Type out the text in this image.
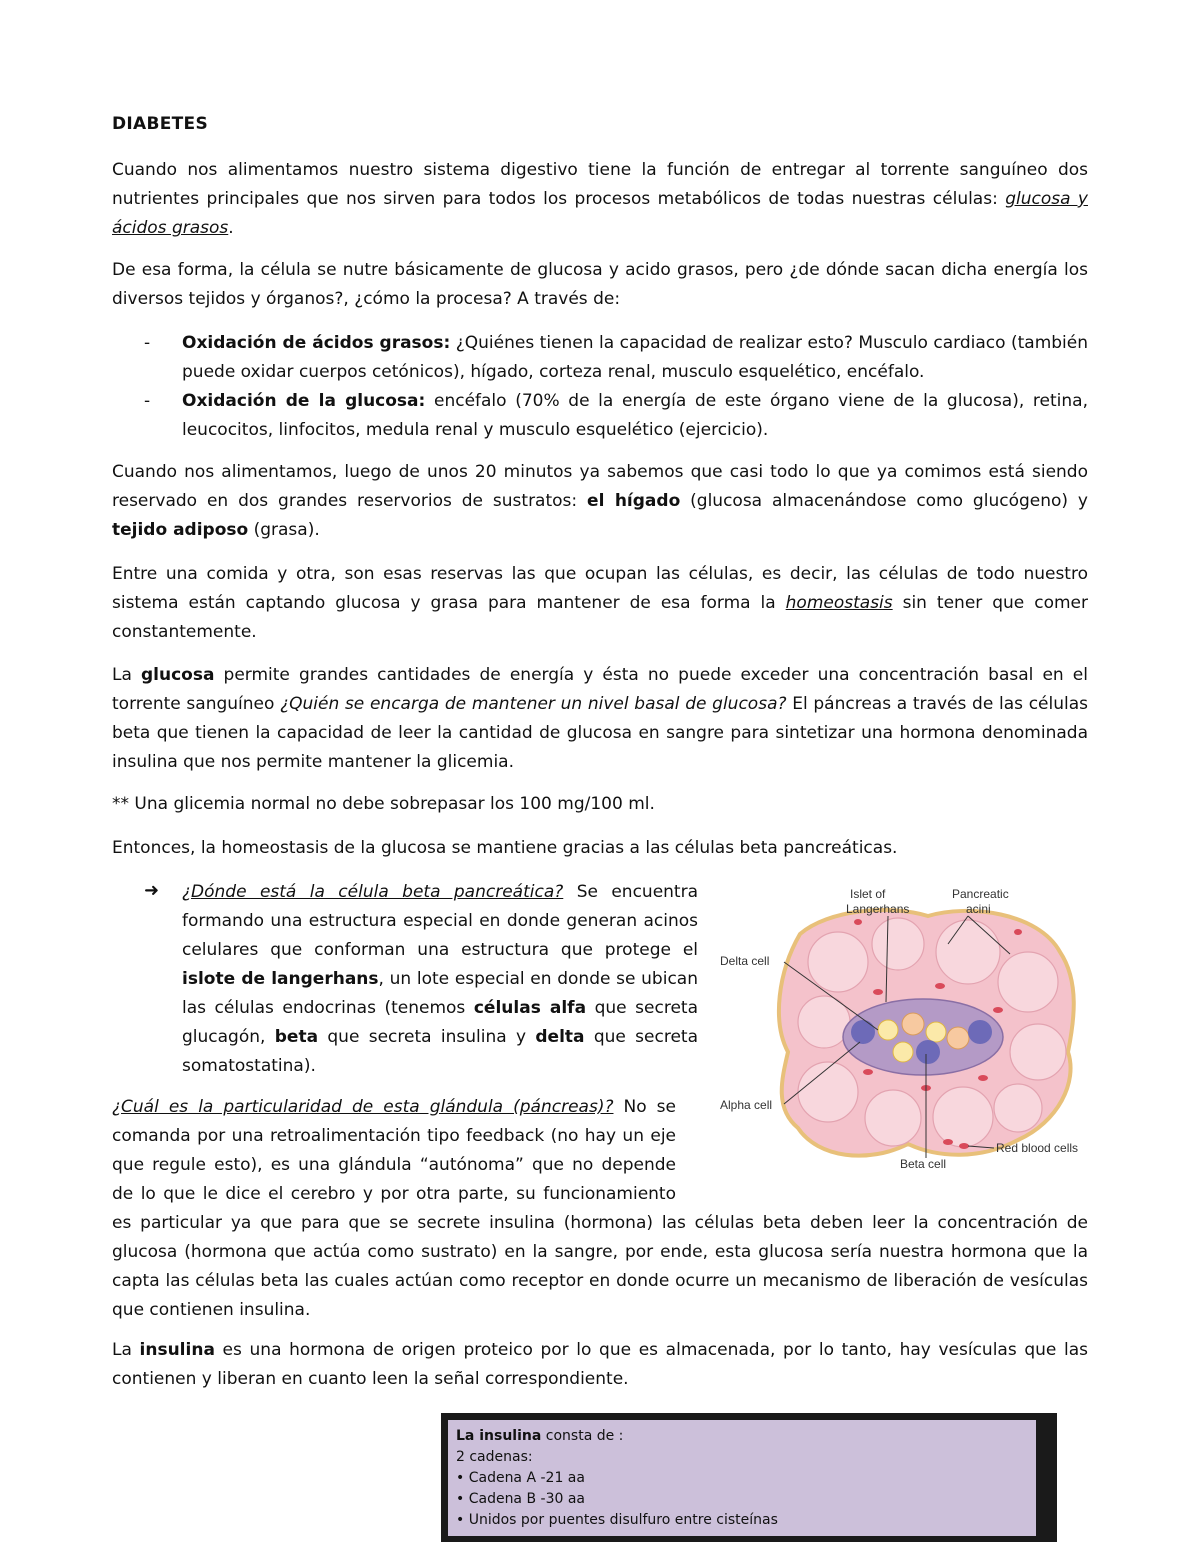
DIABETES

Cuando nos alimentamos nuestro sistema digestivo tiene la función de entregar al torrente sanguíneo dos nutrientes principales que nos sirven para todos los procesos metabólicos de todas nuestras células: glucosa y ácidos grasos.

De esa forma, la célula se nutre básicamente de glucosa y acido grasos, pero ¿de dónde sacan dicha energía los diversos tejidos y órganos?, ¿cómo la procesa? A través de:

- Oxidación de ácidos grasos: ¿Quiénes tienen la capacidad de realizar esto? Musculo cardiaco (también puede oxidar cuerpos cetónicos), hígado, corteza renal, musculo esquelético, encéfalo.
- Oxidación de la glucosa: encéfalo (70% de la energía de este órgano viene de la glucosa), retina, leucocitos, linfocitos, medula renal y musculo esquelético (ejercicio).

Cuando nos alimentamos, luego de unos 20 minutos ya sabemos que casi todo lo que ya comimos está siendo reservado en dos grandes reservorios de sustratos: el hígado (glucosa almacenándose como glucógeno) y tejido adiposo (grasa).

Entre una comida y otra, son esas reservas las que ocupan las células, es decir, las células de todo nuestro sistema están captando glucosa y grasa para mantener de esa forma la homeostasis sin tener que comer constantemente.

La glucosa permite grandes cantidades de energía y ésta no puede exceder una concentración basal en el torrente sanguíneo ¿Quién se encarga de mantener un nivel basal de glucosa? El páncreas a través de las células beta que tienen la capacidad de leer la cantidad de glucosa en sangre para sintetizar una hormona denominada insulina que nos permite mantener la glicemia.

** Una glicemia normal no debe sobrepasar los 100 mg/100 ml.

Entonces, la homeostasis de la glucosa se mantiene gracias a las células beta pancreáticas.

➜ ¿Dónde está la célula beta pancreática? Se encuentra formando una estructura especial en donde generan acinos celulares que conforman una estructura que protege el islote de langerhans, un lote especial en donde se ubican las células endocrinas (tenemos células alfa que secreta glucagón, beta que secreta insulina y delta que secreta somatostatina).

¿Cuál es la particularidad de esta glándula (páncreas)? No se comanda por una retroalimentación tipo feedback (no hay un eje que regule esto), es una glándula “autónoma” que no depende de lo que le dice el cerebro y por otra parte, su funcionamiento es particular ya que para que se secrete insulina (hormona) las células beta deben leer la concentración de glucosa (hormona que actúa como sustrato) en la sangre, por ende, esta glucosa sería nuestra hormona que la capta las células beta las cuales actúan como receptor en donde ocurre un mecanismo de liberación de vesículas que contienen insulina.

La insulina es una hormona de origen proteico por lo que es almacenada, por lo tanto, hay vesículas que las contienen y liberan en cuanto leen la señal correspondiente.

Islet of
Langerhans
Pancreatic
acini
Delta cell
Alpha cell
Beta cell
Red blood cells
La insulina consta de :
2 cadenas:
• Cadena A -21 aa
• Cadena B -30 aa
• Unidos por puentes disulfuro entre cisteínas
